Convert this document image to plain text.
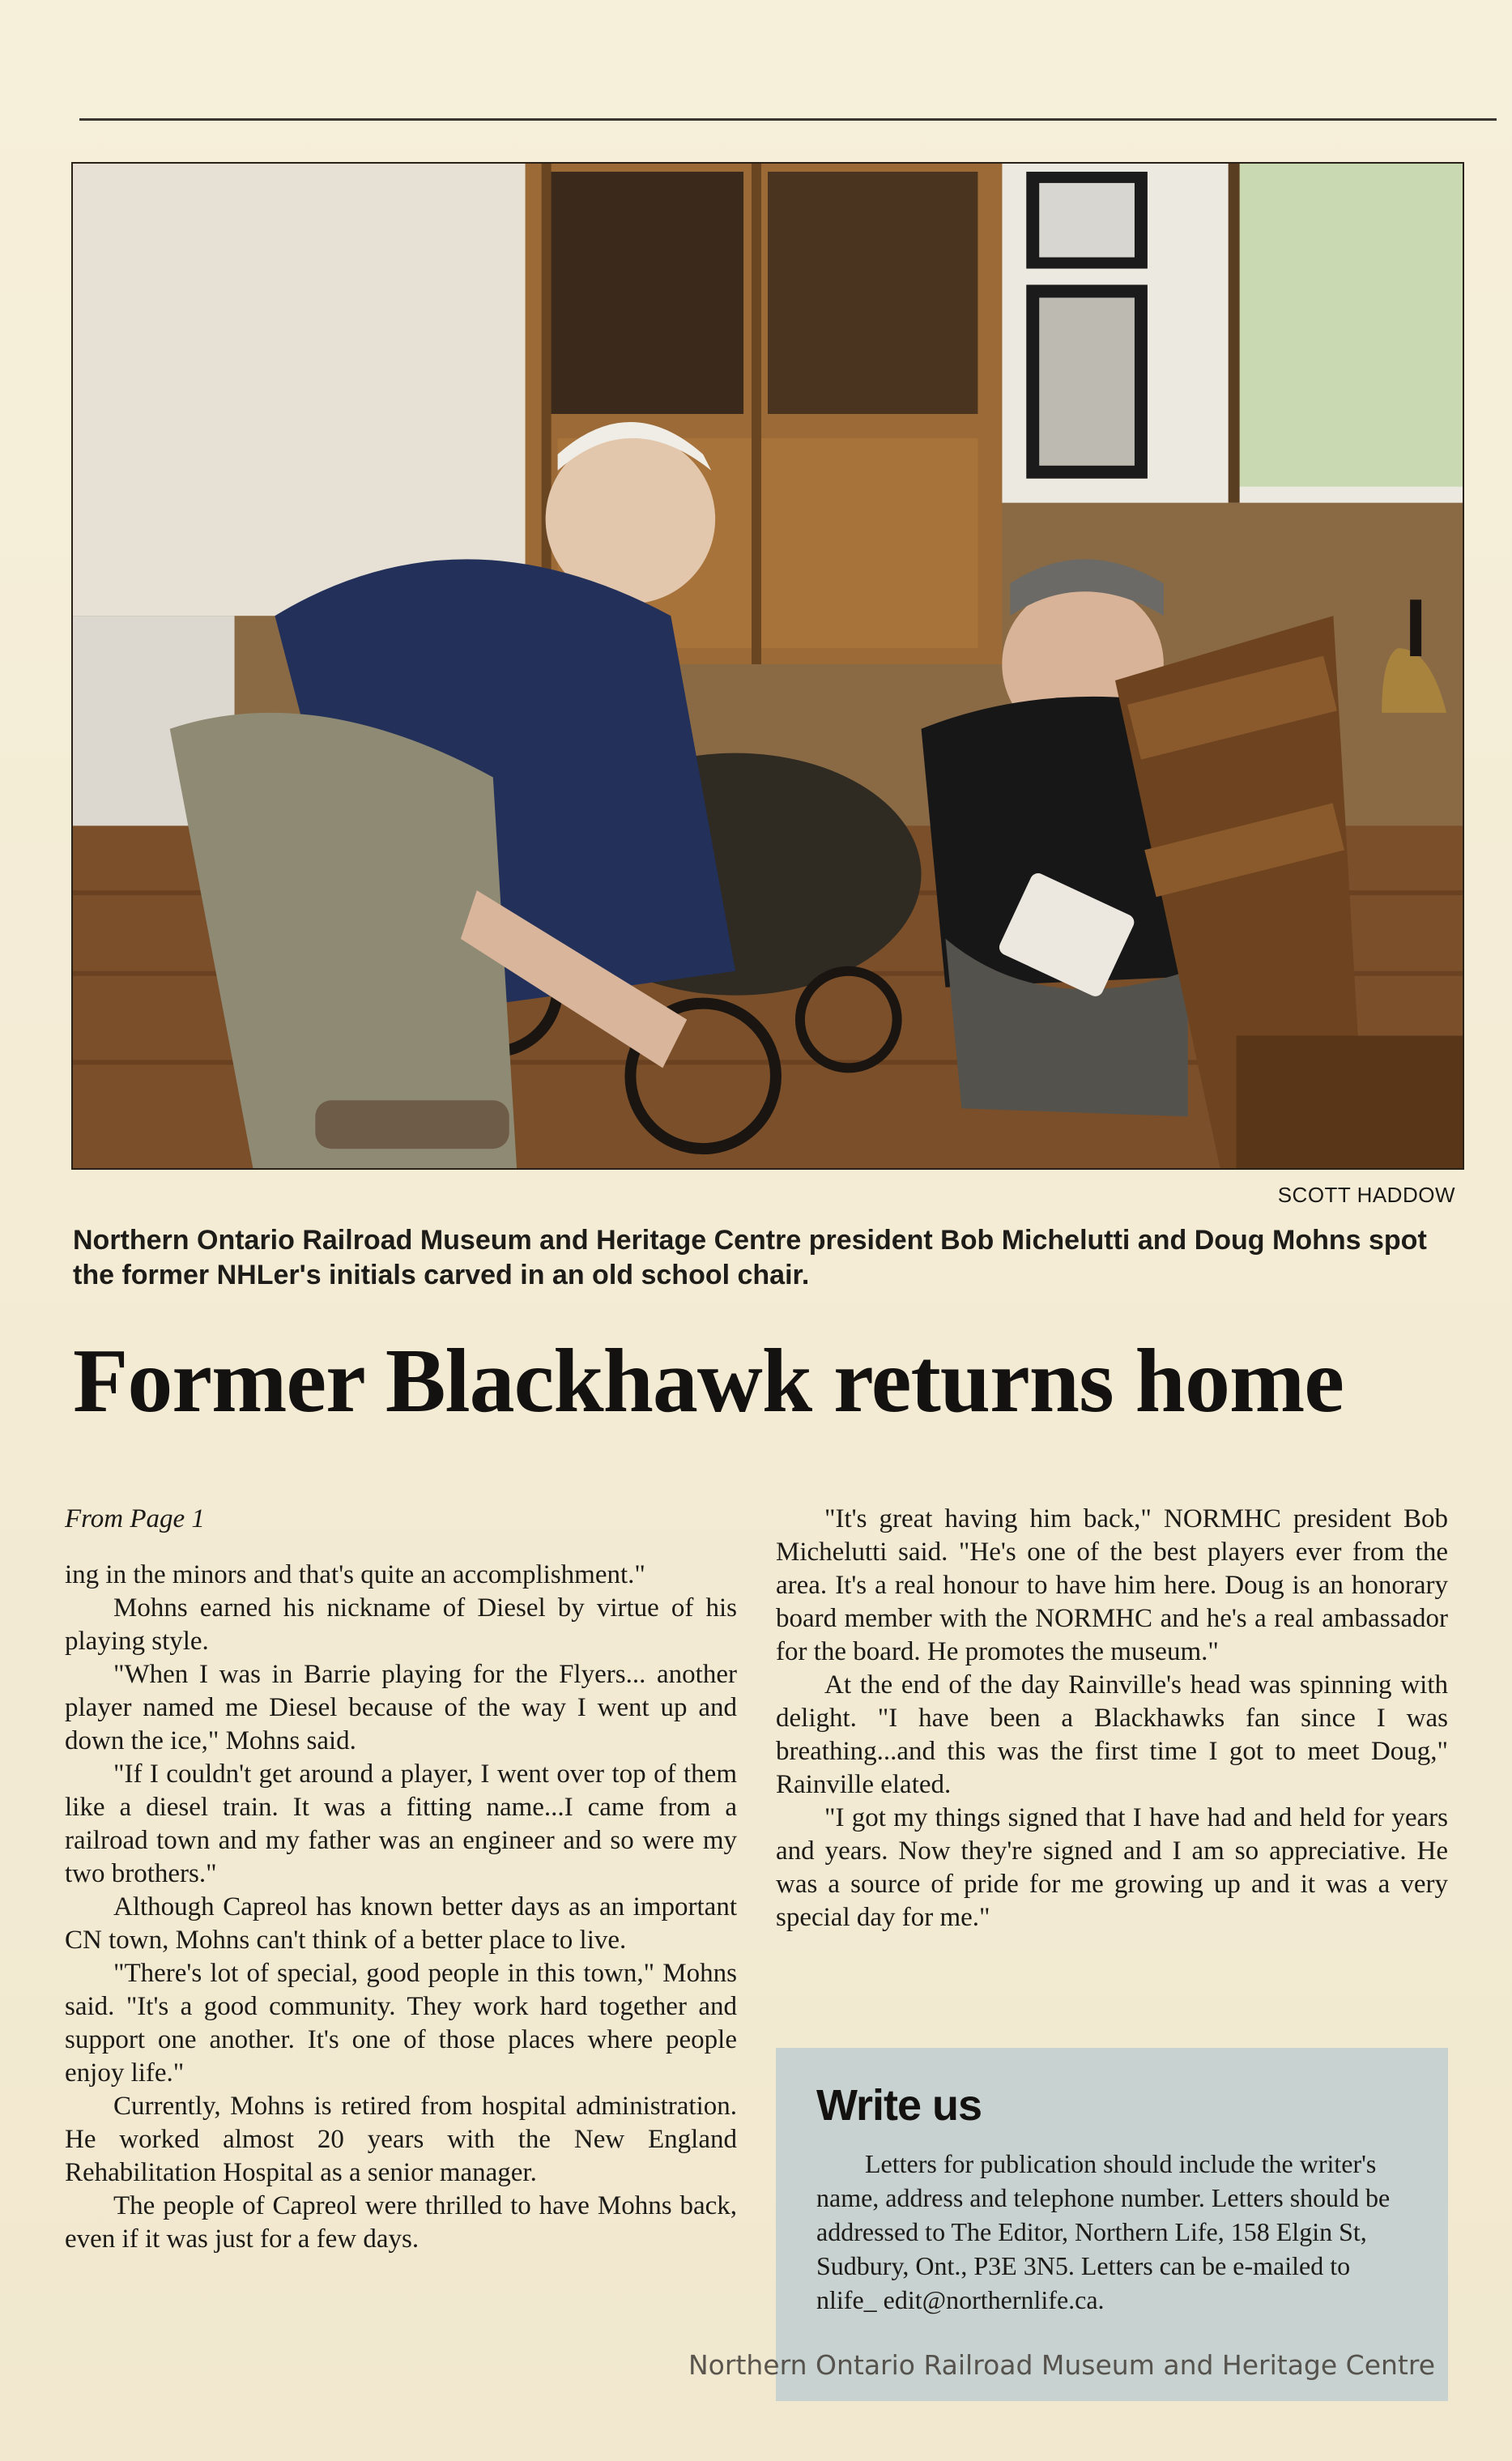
SCOTT HADDOW
Northern Ontario Railroad Museum and Heritage Centre president Bob Michelutti and Doug Mohns spot the former NHLer's initials carved in an old school chair.
Former Blackhawk returns home
From Page 1

ing in the minors and that's quite an accomplishment."

Mohns earned his nickname of Diesel by virtue of his playing style.

"When I was in Barrie playing for the Flyers... another player named me Diesel because of the way I went up and down the ice," Mohns said.

"If I couldn't get around a player, I went over top of them like a diesel train. It was a fitting name...I came from a railroad town and my father was an engineer and so were my two brothers."

Although Capreol has known better days as an important CN town, Mohns can't think of a better place to live.

"There's lot of special, good people in this town," Mohns said. "It's a good community. They work hard together and support one another. It's one of those places where people enjoy life."

Currently, Mohns is retired from hospital administration. He worked almost 20 years with the New England Rehabilitation Hospital as a senior manager.

The people of Capreol were thrilled to have Mohns back, even if it was just for a few days.

"It's great having him back," NORMHC president Bob Michelutti said. "He's one of the best players ever from the area. It's a real honour to have him here. Doug is an honorary board member with the NORMHC and he's a real ambassador for the board. He promotes the museum."

At the end of the day Rainville's head was spinning with delight. "I have been a Blackhawks fan since I was breathing...and this was the first time I got to meet Doug," Rainville elated.

"I got my things signed that I have had and held for years and years. Now they're signed and I am so appreciative. He was a source of pride for me growing up and it was a very special day for me."

Write us

Letters for publication should include the writer's name, address and telephone number. Letters should be addressed to The Editor, Northern Life, 158 Elgin St, Sudbury, Ont., P3E 3N5. Letters can be e-mailed to nlife_ edit@northernlife.ca.

Northern Ontario Railroad Museum and Heritage Centre
